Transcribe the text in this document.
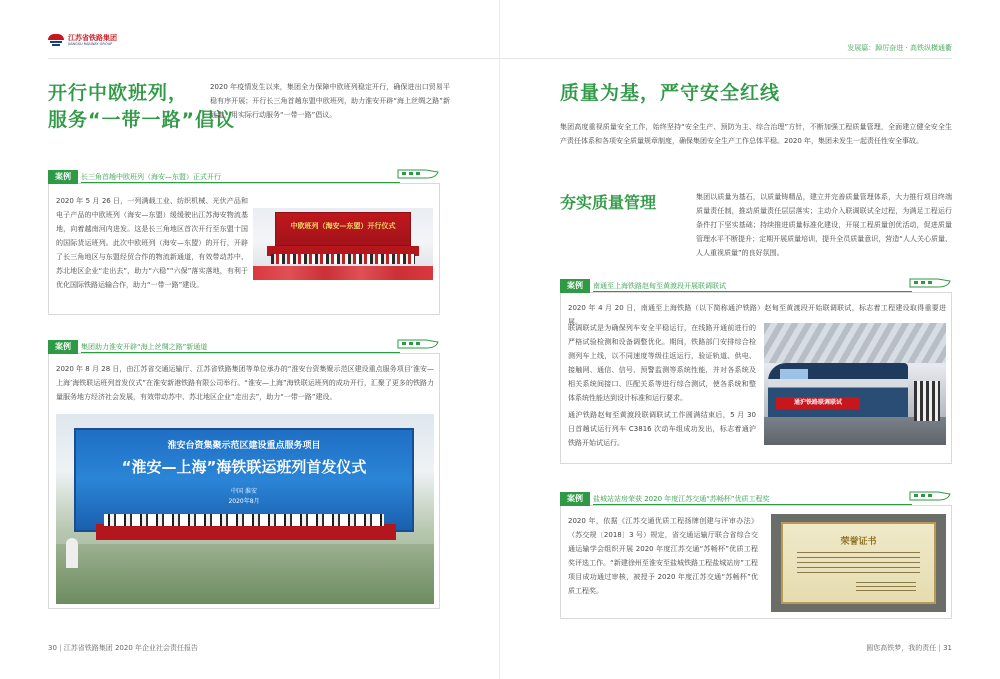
江苏省铁路集团
JIANGSU RAILWAY GROUP
开行中欧班列，
服务“一带一路”倡议
2020 年疫情发生以来，集团全力保障中欧班列稳定开行，确保进出口贸易平稳有序开展；开行长三角首趟东盟中欧班列，助力淮安开辟“海上丝绸之路”新通道，用实际行动服务“一带一路”倡议。
案例	长三角首趟中欧班列（海安—东盟）正式开行
2020 年 5 月 26 日，一列满载工业、纺织机械、光伏产品和电子产品的中欧班列（海安—东盟）缓缓驶出江苏海安物流基地，向着越南河内进发。这是长三角地区首次开行至东盟十国的国际货运班列。此次中欧班列（海安—东盟）的开行，开辟了长三角地区与东盟经贸合作的物流新通道，有效带动苏中、苏北地区企业“走出去”，助力“六稳”“六保”落实落地，有利于优化国际铁路运输合作，助力“一带一路”建设。
中欧班列（海安—东盟）开行仪式
案例	集团助力淮安开辟“海上丝绸之路”新通道
2020 年 8 月 28 日，由江苏省交通运输厅、江苏省铁路集团等单位承办的“淮安台资集聚示范区建设重点服务项目‘淮安—上海’海铁联运班列首发仪式”在淮安新港铁路有限公司举行。“淮安—上海”海铁联运班列的成功开行，汇聚了更多的铁路力量服务地方经济社会发展，有效带动苏中、苏北地区企业“走出去”，助力“一带一路”建设。
淮安台资集聚示范区建设重点服务项目
“淮安—上海”海铁联运班列首发仪式
中国 淮安
2020年8月
30 | 江苏省铁路集团 2020 年企业社会责任报告
发展篇：踔厉奋进 · 高铁纵横通衢
质量为基，严守安全红线
集团高度重视质量安全工作，始终坚持“安全生产、预防为主、综合治理”方针，不断加强工程质量管理，全面建立健全安全生产责任体系和各项安全质量规章制度，确保集团安全生产工作总体平稳。2020 年，集团未发生一起责任性安全事故。
夯实质量管理	集团以质量为基石，以质量铸精品，建立并完善质量管理体系，大力推行项目终端质量责任制，推动质量责任层层落实；主动介入联调联试全过程，为满足工程运行条件打下坚实基础；持续推进质量标准化建设，开展工程质量创优活动，促进质量管理水平不断提升；定期开展质量培训，提升全员质量意识，营造“人人关心质量、人人重视质量”的良好氛围。
案例	南通至上海铁路赵甸至黄渡段开展联调联试
2020 年 4 月 20 日，南通至上海铁路（以下简称通沪铁路）赵甸至黄渡段开始联调联试，标志着工程建设取得重要进展。
联调联试是为确保列车安全平稳运行，在线路开通前进行的严格试验检测和设备调整优化。期间，铁路部门安排综合检测列车上线，以不同速度等级往返运行，验证轨道、供电、接触网、通信、信号、预警监测等系统性能，并对各系统及相关系统间接口、匹配关系等进行综合测试，使各系统和整体系统性能达到设计标准和运行要求。
通沪铁路赵甸至黄渡段联调联试工作圆满结束后，5 月 30 日首趟试运行列车 C3816 次动车组成功发出，标志着通沪铁路开始试运行。
通沪铁路联调联试
案例	盐城站站房荣获 2020 年度江苏交通“苏畅杯”优质工程奖
2020 年，依据《江苏交通优质工程扬牌创建与评审办法》（苏交规〔2018〕3 号）规定，省交通运输厅联合省综合交通运输学会组织开展 2020 年度江苏交通“苏畅杯”优质工程奖评选工作。“新建徐州至淮安至盐城铁路工程盐城站房”工程项目成功通过审核，被授予 2020 年度江苏交通“苏畅杯”优质工程奖。
荣誉证书
圆您高铁梦，我的责任 | 31
